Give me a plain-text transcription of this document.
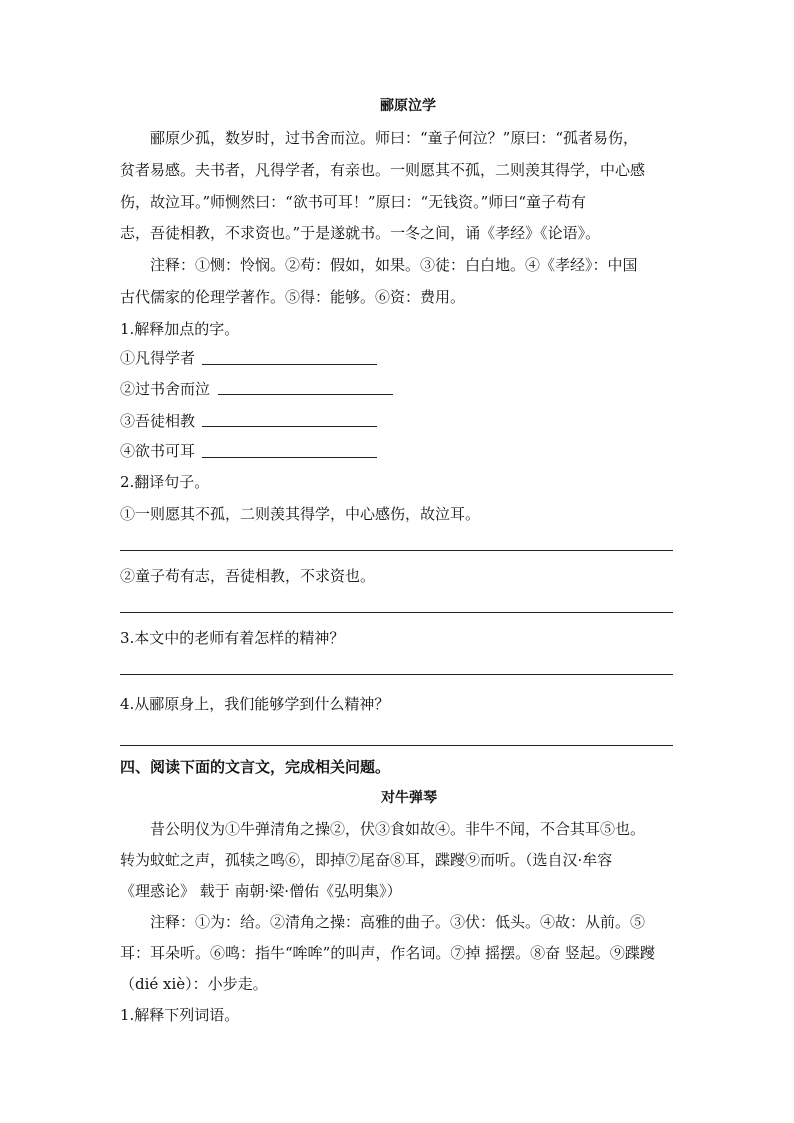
郦原泣学
郦原少孤，数岁时，过书舍而泣。师曰：“童子何泣？”原曰：“孤者易伤，
贫者易感。夫书者，凡得学者，有亲也。一则愿其不孤，二则羡其得学，中心感
伤，故泣耳。”师恻然曰：“欲书可耳！”原曰：“无钱资。”师曰“童子苟有
志，吾徒相教，不求资也。”于是遂就书。一冬之间，诵《孝经》《论语》。
注释：①恻：怜悯。②苟：假如，如果。③徒：白白地。④《孝经》：中国
古代儒家的伦理学著作。⑤得：能够。⑥资：费用。
1.解释加点的字。
①凡得学者
②过书舍而泣
③吾徒相教
④欲书可耳
2.翻译句子。
①一则愿其不孤，二则羡其得学，中心感伤，故泣耳。
②童子苟有志，吾徒相教，不求资也。
3.本文中的老师有着怎样的精神？
4.从郦原身上，我们能够学到什么精神？
四、阅读下面的文言文，完成相关问题。
对牛弹琴
昔公明仪为①牛弹清角之操②，伏③食如故④。非牛不闻，不合其耳⑤也。
转为蚊虻之声，孤犊之鸣⑥，即掉⑦尾奋⑧耳，蹀躞⑨而听。（选自汉·牟容
《理惑论》 载于 南朝·梁·僧佑《弘明集》）
注释：①为：给。②清角之操：高雅的曲子。③伏：低头。④故：从前。⑤
耳：耳朵听。⑥鸣：指牛“哞哞”的叫声，作名词。⑦掉 摇摆。⑧奋 竖起。⑨蹀躞
（dié xiè）：小步走。
1.解释下列词语。
